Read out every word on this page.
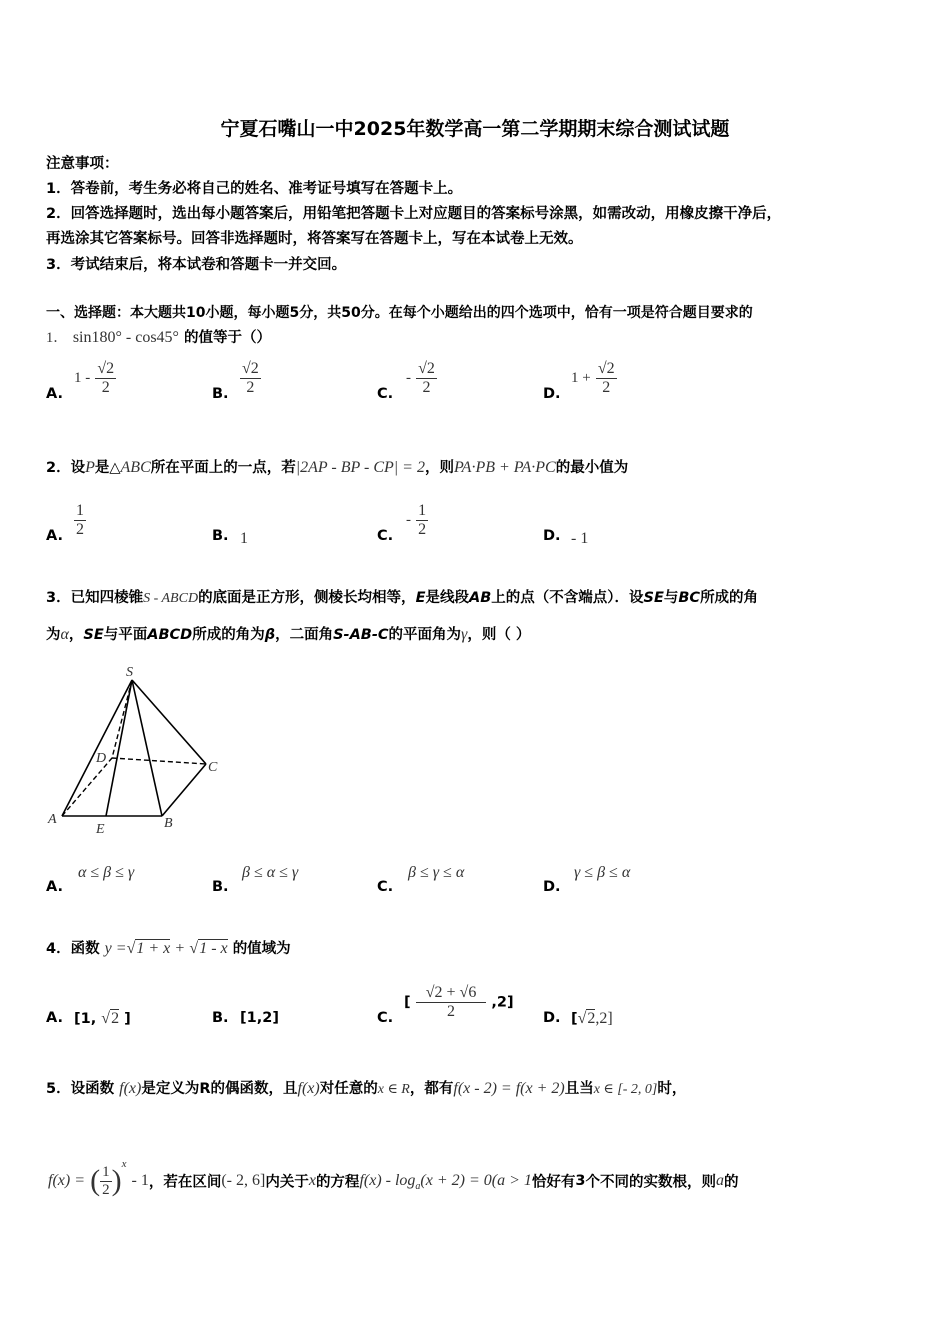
宁夏石嘴山一中2025年数学高一第二学期期末综合测试试题
注意事项：
1．答卷前，考生务必将自己的姓名、准考证号填写在答题卡上。
2．回答选择题时，选出每小题答案后，用铅笔把答题卡上对应题目的答案标号涂黑，如需改动，用橡皮擦干净后，
再选涂其它答案标号。回答非选择题时，将答案写在答题卡上，写在本试卷上无效。
3．考试结束后，将本试卷和答题卡一并交回。
一、选择题：本大题共10小题，每小题5分，共50分。在每个小题给出的四个选项中，恰有一项是符合题目要求的
1． sin180° - cos45° 的值等于（）
A.
$1 - \frac{√2}{2}$	B. $\frac{√2}{2}$	C.
- $\frac{√2}{2}$	D.
$1 + \frac{√2}{2}$
2．设P是△ABC所在平面上的一点，若|2AP - BP - CP| = 2，则PA·PB + PA·PC的最小值为
A. $\frac{1}{2}$	B. 1	C.
- $\frac{1}{2}$	D. - 1
3．已知四棱锥S - ABCD的底面是正方形，侧棱长均相等，E是线段AB上的点（不含端点）．设SE与BC所成的角
为α，SE与平面ABCD所成的角为β，二面角S-AB-C的平面角为γ，则（ ）
S
A	B
C
D
E
A.
α ≤ β ≤ γ
B.
β ≤ α ≤ γ
C.
β ≤ γ ≤ α
D.
γ ≤ β ≤ α
4．函数 y =√1 + x + √1 - x 的值域为
A. [1, √2 ]	B. [1,2]	C.
[ $\frac{√2 + √6}{2} ,2$]
D. [√2,2]
5．设函数 f(x)是定义为R的偶函数，且f(x)对任意的x ∈ R，都有f(x - 2) = f(x + 2)且当x ∈ [- 2, 0]时，
f(x) = ( $\frac{1}{2} )^x - 1$，若在区间(- 2, 6]内关于x的方程$f(x) - \log_a(x + 2) = 0(a > 1$恰好有3个不同的实数根，则a的
